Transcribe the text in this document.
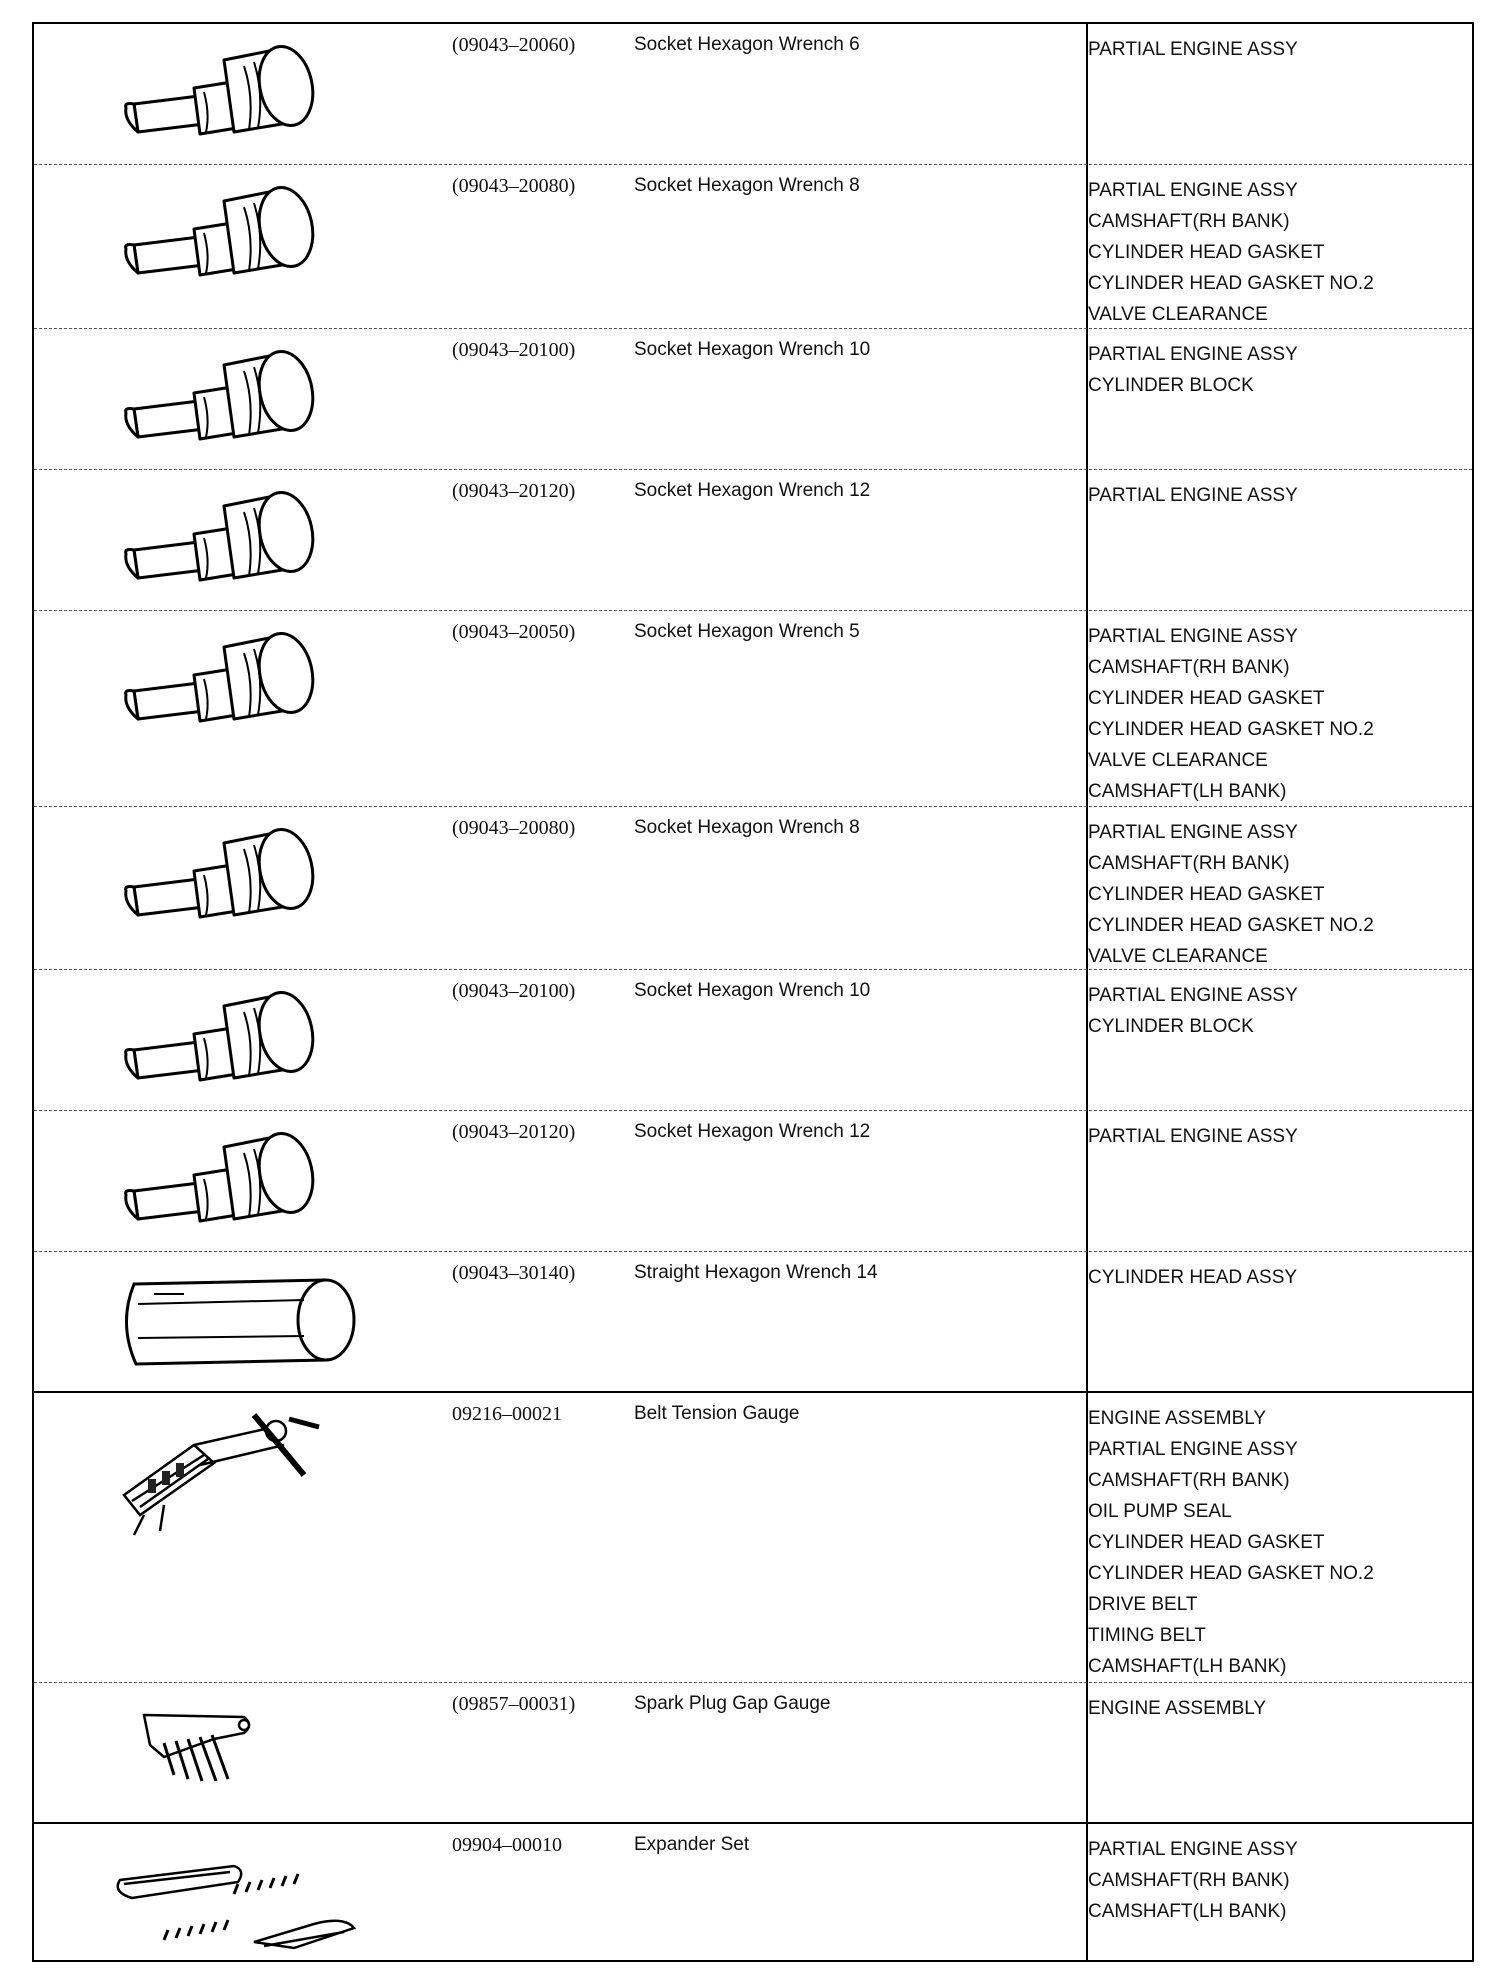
(09043–20060)	Socket Hexagon Wrench 6	PARTIAL ENGINE ASSY
(09043–20080)	Socket Hexagon Wrench 8	PARTIAL ENGINE ASSY
CAMSHAFT(RH BANK)
CYLINDER HEAD GASKET
CYLINDER HEAD GASKET NO.2
VALVE CLEARANCE
(09043–20100)	Socket Hexagon Wrench 10	PARTIAL ENGINE ASSY
CYLINDER BLOCK
(09043–20120)	Socket Hexagon Wrench 12	PARTIAL ENGINE ASSY
(09043–20050)	Socket Hexagon Wrench 5	PARTIAL ENGINE ASSY
CAMSHAFT(RH BANK)
CYLINDER HEAD GASKET
CYLINDER HEAD GASKET NO.2
VALVE CLEARANCE
CAMSHAFT(LH BANK)
(09043–20080)	Socket Hexagon Wrench 8	PARTIAL ENGINE ASSY
CAMSHAFT(RH BANK)
CYLINDER HEAD GASKET
CYLINDER HEAD GASKET NO.2
VALVE CLEARANCE
(09043–20100)	Socket Hexagon Wrench 10	PARTIAL ENGINE ASSY
CYLINDER BLOCK
(09043–20120)	Socket Hexagon Wrench 12	PARTIAL ENGINE ASSY
(09043–30140)	Straight Hexagon Wrench 14	CYLINDER HEAD ASSY
09216–00021	Belt Tension Gauge	ENGINE ASSEMBLY
PARTIAL ENGINE ASSY
CAMSHAFT(RH BANK)
OIL PUMP SEAL
CYLINDER HEAD GASKET
CYLINDER HEAD GASKET NO.2
DRIVE BELT
TIMING BELT
CAMSHAFT(LH BANK)
(09857–00031)	Spark Plug Gap Gauge	ENGINE ASSEMBLY
09904–00010	Expander Set	PARTIAL ENGINE ASSY
CAMSHAFT(RH BANK)
CAMSHAFT(LH BANK)
